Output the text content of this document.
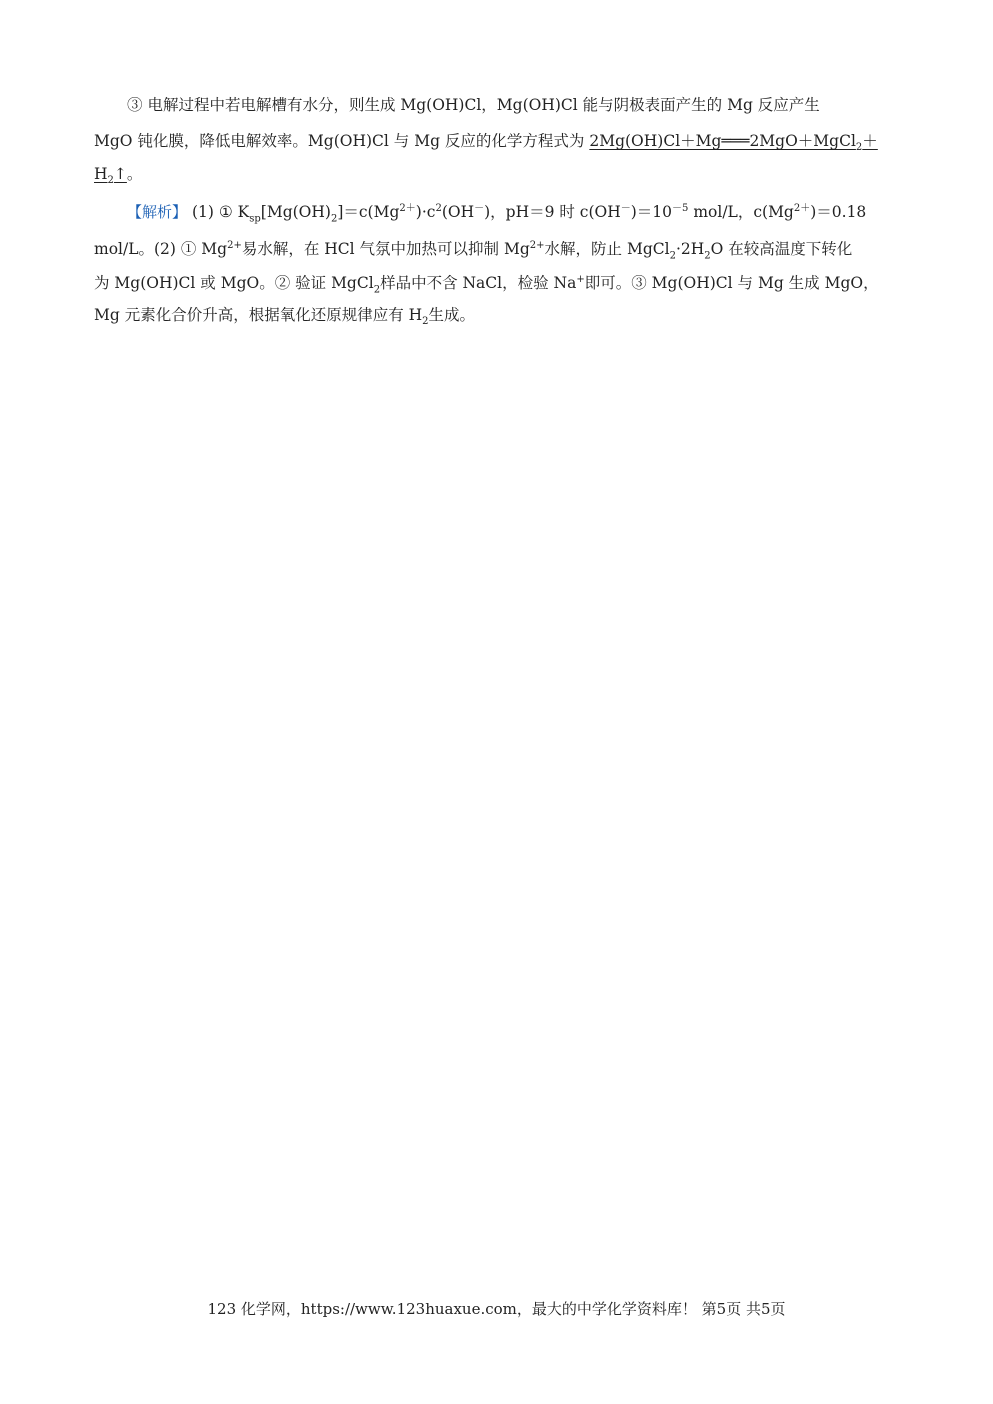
③ 电解过程中若电解槽有水分，则生成 Mg(OH)Cl，Mg(OH)Cl 能与阴极表面产生的 Mg 反应产生
MgO 钝化膜，降低电解效率。Mg(OH)Cl 与 Mg 反应的化学方程式为 2Mg(OH)Cl＋Mg═══2MgO＋MgCl$_2$＋
$H_2↑$。
【解析】 (1) ① $K_{sp}[Mg(OH)_2]=c(Mg^{2+})\cdot c^2(OH^-)$，pH＝9 时 $c(OH^-)=10^{-5}$ mol/L，$c(Mg^{2+})=0.18$
mol/L。(2) ① $Mg^{2+}$易水解，在 HCl 气氛中加热可以抑制 $Mg^{2+}$水解，防止 $MgCl_2\cdot 2H_2O$ 在较高温度下转化
为 Mg(OH)Cl 或 MgO。② 验证 MgCl$_2$样品中不含 NaCl，检验 Na+即可。③ Mg(OH)Cl 与 Mg 生成 MgO，
Mg 元素化合价升高，根据氧化还原规律应有 $H_2$生成。
123 化学网，https://www.123huaxue.com，最大的中学化学资料库！ 第5页 共5页
